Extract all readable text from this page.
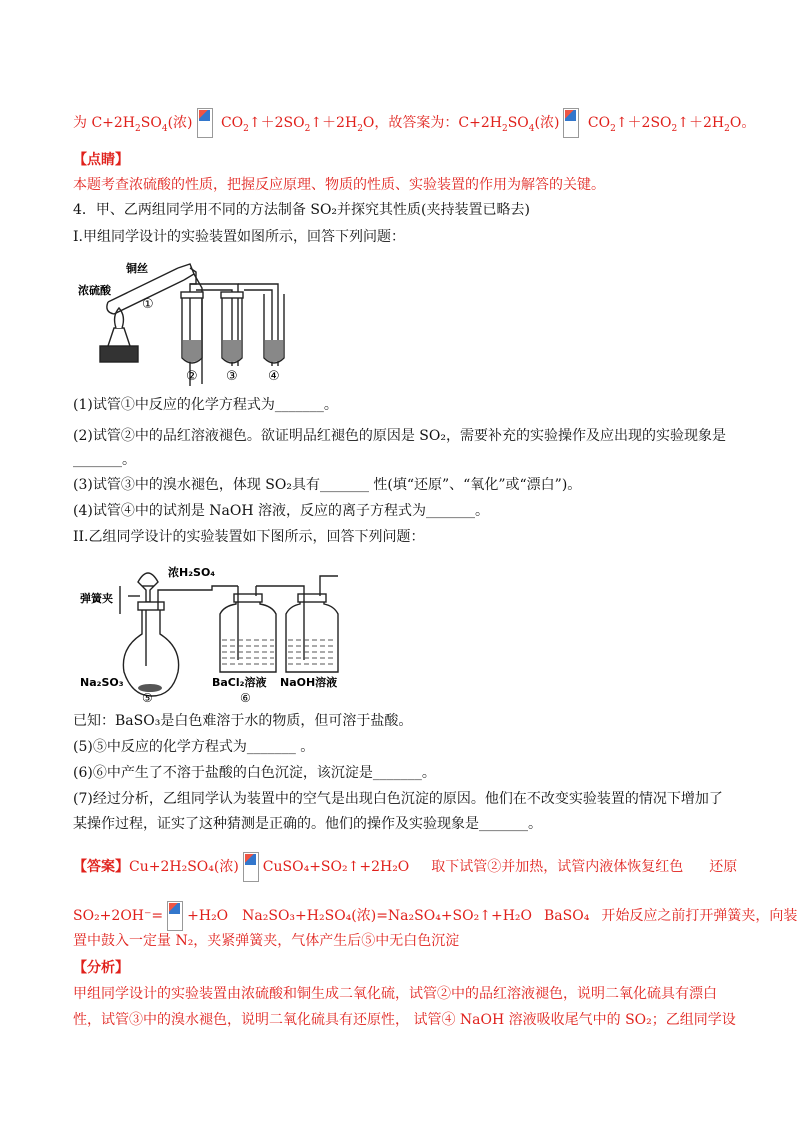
为 $C+2H_2SO_4$(浓) $CO_2↑+2SO_2↑+2H_2O$，故答案为：$C+2H_2SO_4$(浓) $CO_2↑+2SO_2↑+2H_2O$。
【点睛】
本题考查浓硫酸的性质，把握反应原理、物质的性质、实验装置的作用为解答的关键。
4．甲、乙两组同学用不同的方法制备 SO₂并探究其性质(夹持装置已略去)
I.甲组同学设计的实验装置如图所示，回答下列问题：
铜丝
浓硫酸
①
② ③ ④
(1)试管①中反应的化学方程式为_______。
(2)试管②中的品红溶液褪色。欲证明品红褪色的原因是 SO₂，需要补充的实验操作及应出现的实验现象是
_______。
(3)试管③中的溴水褪色，体现 SO₂具有_______ 性(填“还原”、“氧化”或“漂白”)。
(4)试管④中的试剂是 NaOH 溶液，反应的离子方程式为_______。
II.乙组同学设计的实验装置如下图所示，回答下列问题：
浓H₂SO₄
弹簧夹
Na₂SO₃
⑤
BaCl₂溶液
⑥
NaOH溶液
已知：BaSO₃是白色难溶于水的物质，但可溶于盐酸。
(5)⑤中反应的化学方程式为_______ 。
(6)⑥中产生了不溶于盐酸的白色沉淀，该沉淀是_______。
(7)经过分析，乙组同学认为装置中的空气是出现白色沉淀的原因。他们在不改变实验装置的情况下增加了
某操作过程，证实了这种猜测是正确的。他们的操作及实验现象是_______。
【答案】Cu+2H₂SO₄(浓) CuSO₄+SO₂↑+2H₂O 取下试管②并加热，试管内液体恢复红色 还原
SO₂+2OH⁻= +H₂O Na₂SO₃+H₂SO₄(浓)=Na₂SO₄+SO₂↑+H₂O BaSO₄ 开始反应之前打开弹簧夹，向装
置中鼓入一定量 N₂，夹紧弹簧夹，气体产生后⑤中无白色沉淀
【分析】
甲组同学设计的实验装置由浓硫酸和铜生成二氧化硫，试管②中的品红溶液褪色，说明二氧化硫具有漂白
性，试管③中的溴水褪色，说明二氧化硫具有还原性， 试管④ NaOH 溶液吸收尾气中的 SO₂；乙组同学设
